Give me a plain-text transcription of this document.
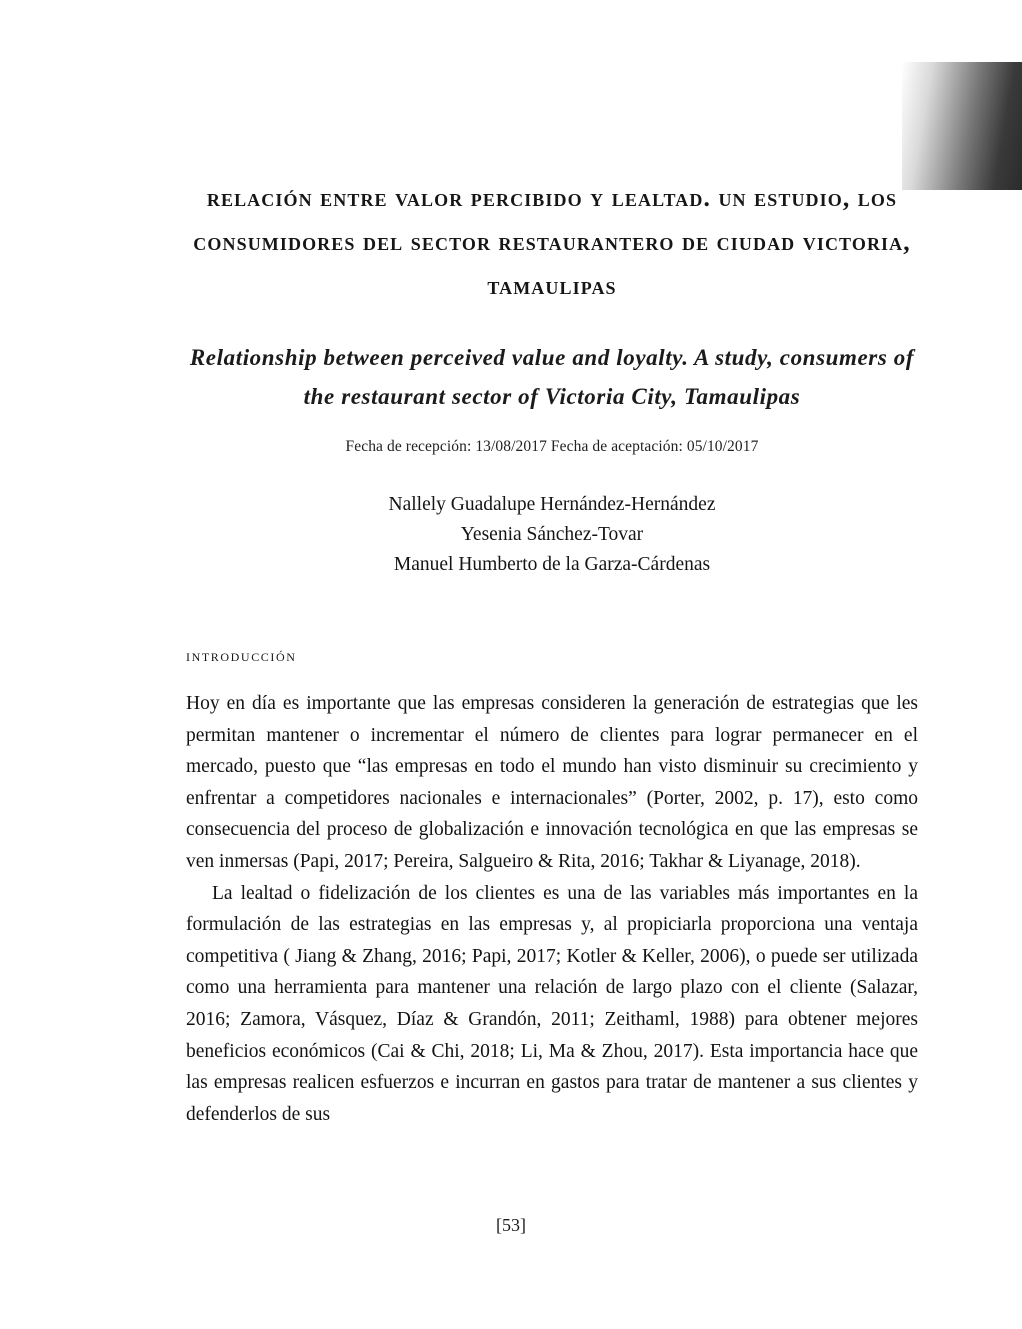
relación entre valor percibido y lealtad. un estudio, los consumidores del sector restaurantero de ciudad victoria, tamaulipas
Relationship between perceived value and loyalty. A study, consumers of the restaurant sector of Victoria City, Tamaulipas
Fecha de recepción: 13/08/2017 Fecha de aceptación: 05/10/2017
Nallely Guadalupe Hernández-Hernández
Yesenia Sánchez-Tovar
Manuel Humberto de la Garza-Cárdenas
introducción

Hoy en día es importante que las empresas consideren la generación de estrategias que les permitan mantener o incrementar el número de clientes para lograr permanecer en el mercado, puesto que “las empresas en todo el mundo han visto disminuir su crecimiento y enfrentar a competidores nacionales e internacionales” (Porter, 2002, p. 17), esto como consecuencia del proceso de globalización e innovación tecnológica en que las empresas se ven inmersas (Papi, 2017; Pereira, Salgueiro & Rita, 2016; Takhar & Liyanage, 2018).

La lealtad o fidelización de los clientes es una de las variables más importantes en la formulación de las estrategias en las empresas y, al propiciarla proporciona una ventaja competitiva ( Jiang & Zhang, 2016; Papi, 2017; Kotler & Keller, 2006), o puede ser utilizada como una herramienta para mantener una relación de largo plazo con el cliente (Salazar, 2016; Zamora, Vásquez, Díaz & Grandón, 2011; Zeithaml, 1988) para obtener mejores beneficios económicos (Cai & Chi, 2018; Li, Ma & Zhou, 2017). Esta importancia hace que las empresas realicen esfuerzos e incurran en gastos para tratar de mantener a sus clientes y defenderlos de sus

[53]
